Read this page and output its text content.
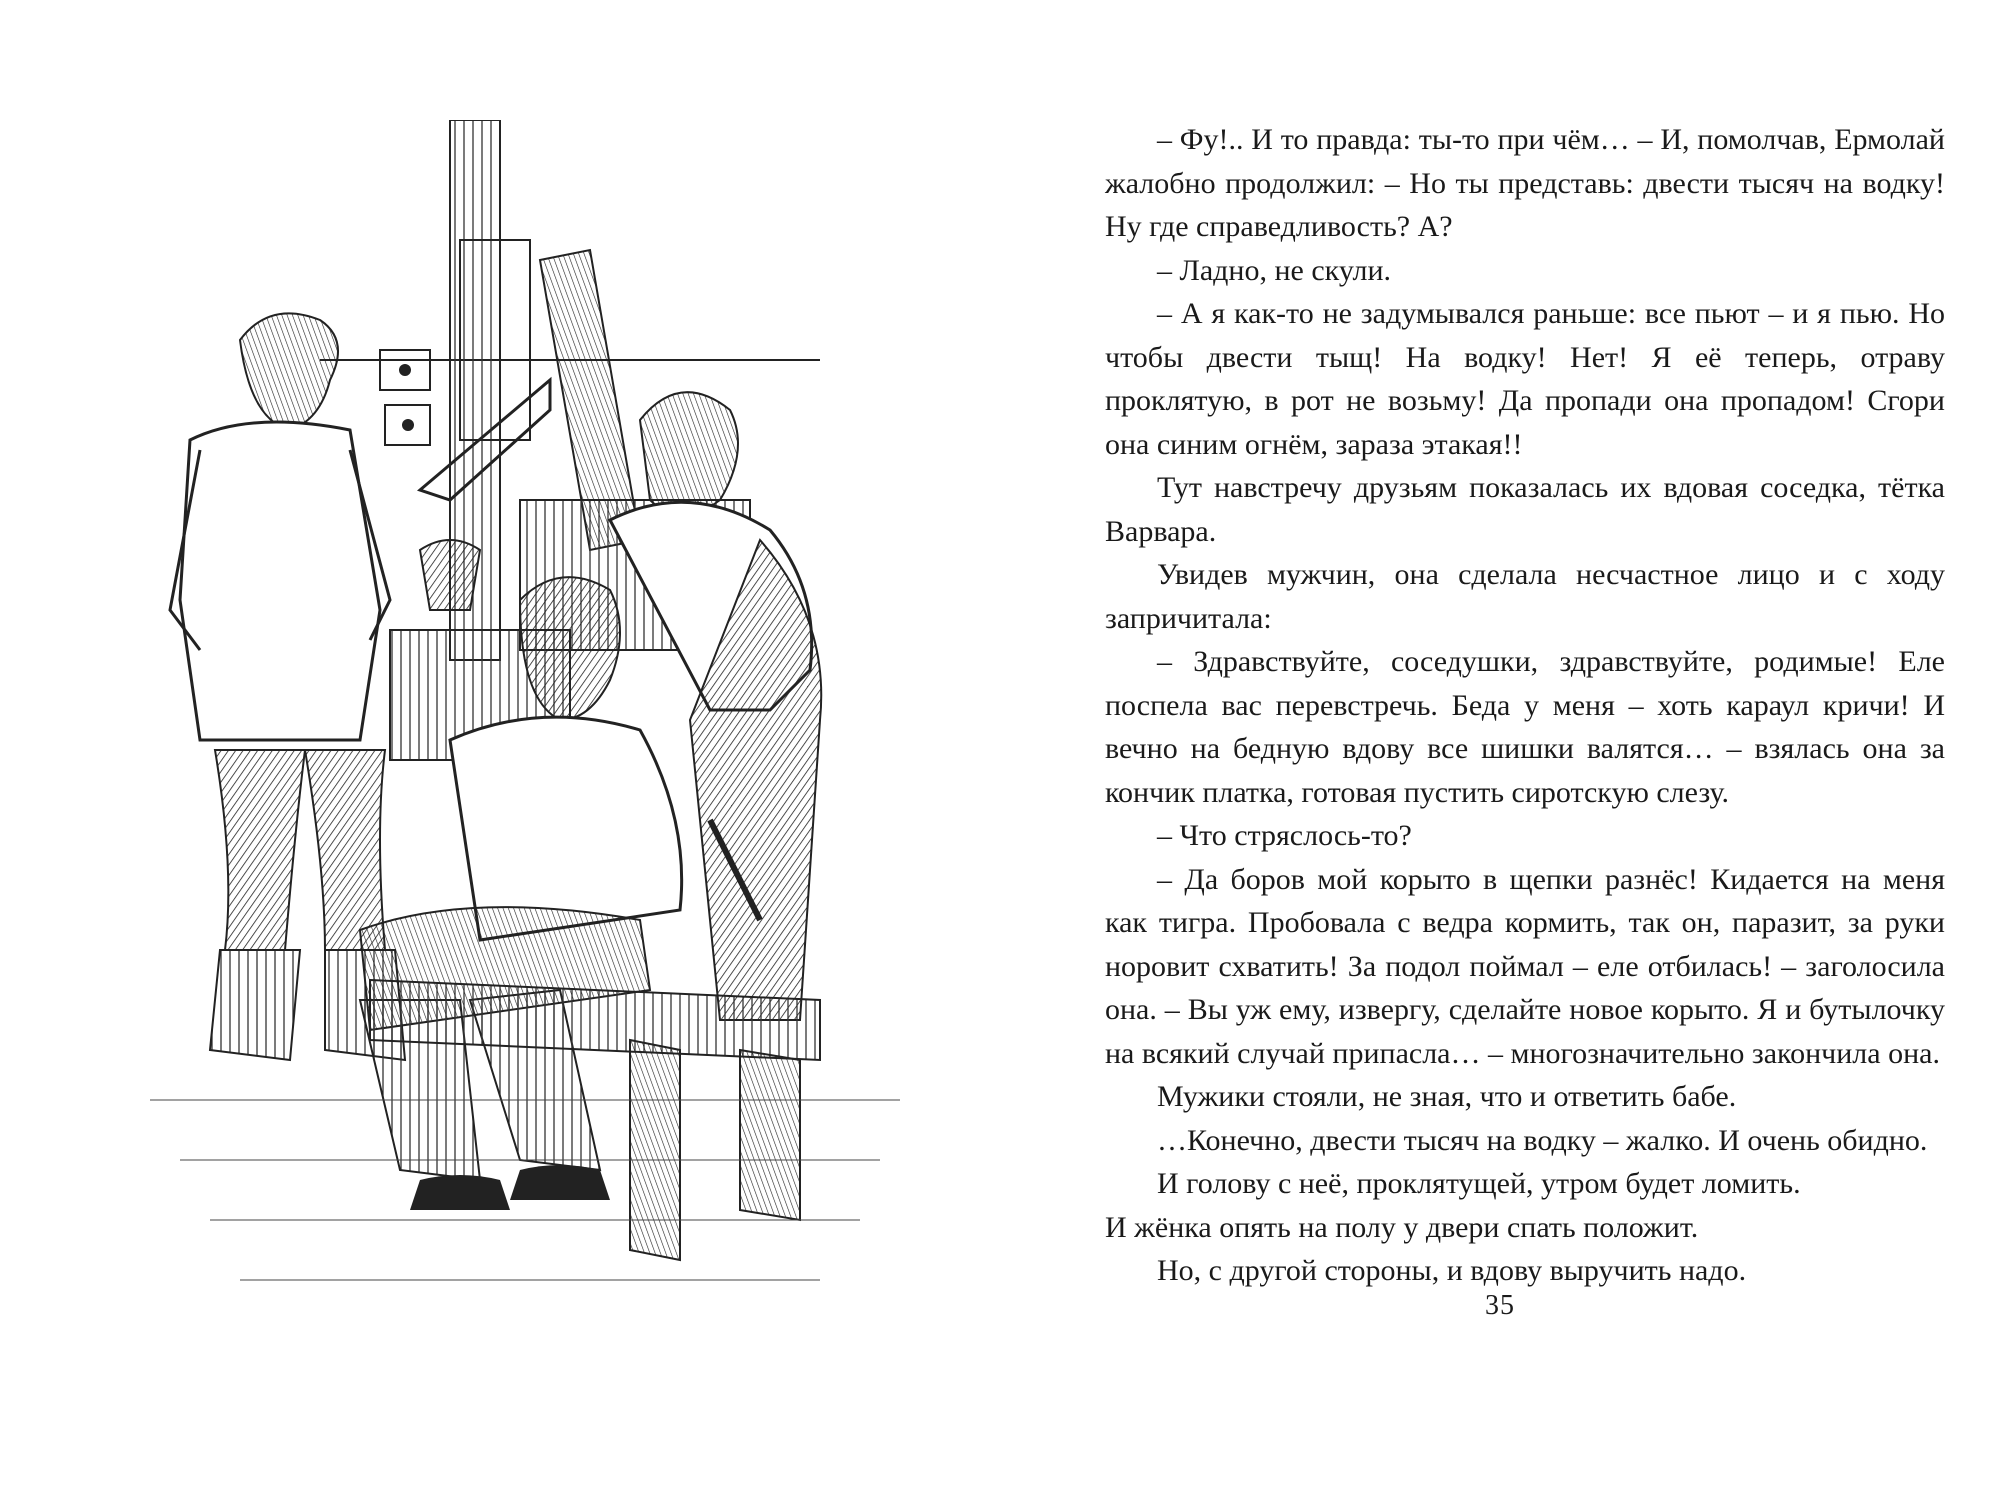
– Фу!.. И то правда: ты-то при чём… – И, помолчав, Ермолай жалобно продолжил: – Но ты представь: двести тысяч на водку! Ну где справедливость? А?

– Ладно, не скули.

– А я как-то не задумывался раньше: все пьют – и я пью. Но чтобы двести тыщ! На водку! Нет! Я её теперь, отраву проклятую, в рот не возьму! Да пропади она пропадом! Сгори она синим огнём, зараза этакая!!

Тут навстречу друзьям показалась их вдовая соседка, тётка Варвара.

Увидев мужчин, она сделала несчастное лицо и с ходу запричитала:

– Здравствуйте, соседушки, здравствуйте, родимые! Еле поспела вас перевстречь. Беда у меня – хоть караул кричи! И вечно на бедную вдову все шишки валятся… – взялась она за кончик платка, готовая пустить сиротскую слезу.

– Что стряслось-то?

– Да боров мой корыто в щепки разнёс! Кидается на меня как тигра. Пробовала с ведра кормить, так он, паразит, за руки норовит схватить! За подол поймал – еле отбилась! – заголосила она. – Вы уж ему, извергу, сделайте новое корыто. Я и бутылочку на всякий случай припасла… – многозначительно закончила она.

Мужики стояли, не зная, что и ответить бабе.

…Конечно, двести тысяч на водку – жалко. И очень обидно.

И голову с неё, проклятущей, утром будет ломить.

И жёнка опять на полу у двери спать положит.

Но, с другой стороны, и вдову выручить надо.

35
